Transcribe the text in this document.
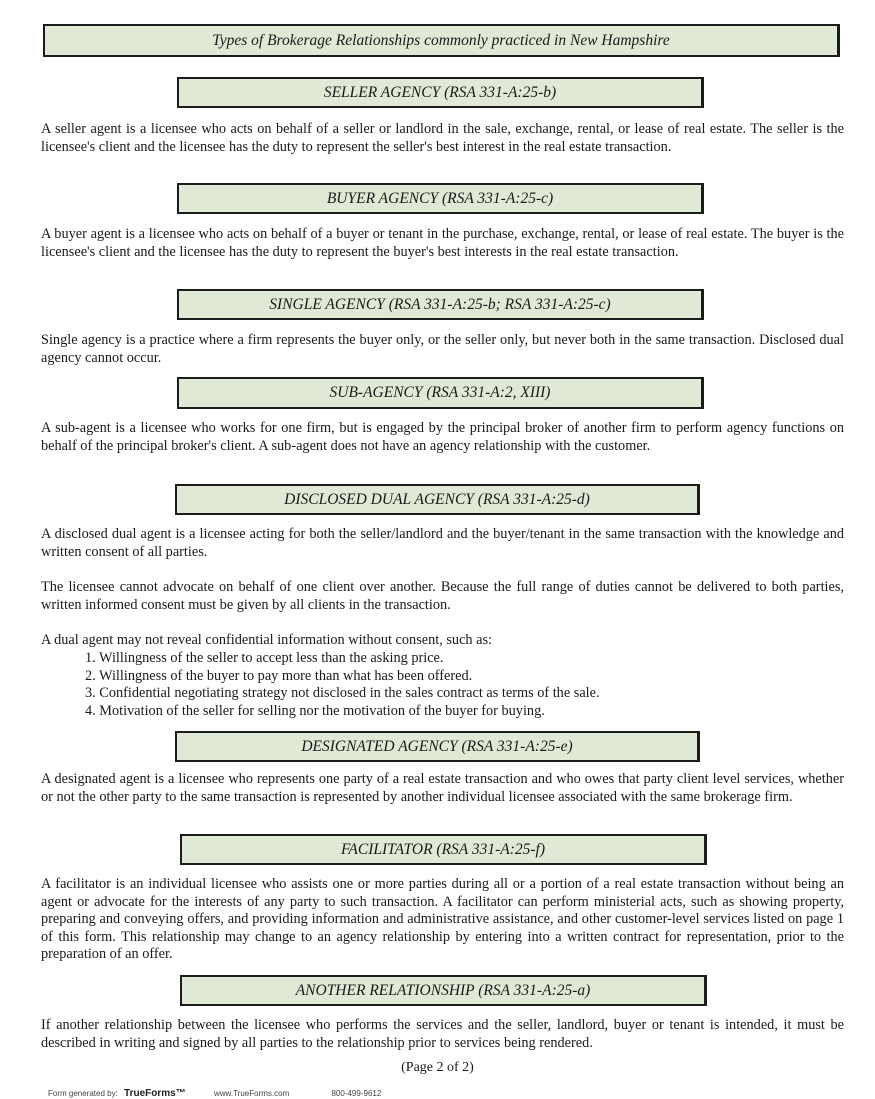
Types of Brokerage Relationships commonly practiced in New Hampshire
SELLER AGENCY (RSA 331-A:25-b)

A seller agent is a licensee who acts on behalf of a seller or landlord in the sale, exchange, rental, or lease of real estate. The seller is the licensee's client and the licensee has the duty to represent the seller's best interest in the real estate transaction.

BUYER AGENCY (RSA 331-A:25-c)

A buyer agent is a licensee who acts on behalf of a buyer or tenant in the purchase, exchange, rental, or lease of real estate. The buyer is the licensee's client and the licensee has the duty to represent the buyer's best interests in the real estate transaction.

SINGLE AGENCY (RSA 331-A:25-b; RSA 331-A:25-c)

Single agency is a practice where a firm represents the buyer only, or the seller only, but never both in the same transaction. Disclosed dual agency cannot occur.

SUB-AGENCY (RSA 331-A:2, XIII)

A sub-agent is a licensee who works for one firm, but is engaged by the principal broker of another firm to perform agency functions on behalf of the principal broker's client. A sub-agent does not have an agency relationship with the customer.

DISCLOSED DUAL AGENCY (RSA 331-A:25-d)

A disclosed dual agent is a licensee acting for both the seller/landlord and the buyer/tenant in the same transaction with the knowledge and written consent of all parties.

The licensee cannot advocate on behalf of one client over another. Because the full range of duties cannot be delivered to both parties, written informed consent must be given by all clients in the transaction.

A dual agent may not reveal confidential information without consent, such as:

1. Willingness of the seller to accept less than the asking price.
2. Willingness of the buyer to pay more than what has been offered.
3. Confidential negotiating strategy not disclosed in the sales contract as terms of the sale.
4. Motivation of the seller for selling nor the motivation of the buyer for buying.
DESIGNATED AGENCY (RSA 331-A:25-e)

A designated agent is a licensee who represents one party of a real estate transaction and who owes that party client level services, whether or not the other party to the same transaction is represented by another individual licensee associated with the same brokerage firm.

FACILITATOR (RSA 331-A:25-f)

A facilitator is an individual licensee who assists one or more parties during all or a portion of a real estate transaction without being an agent or advocate for the interests of any party to such transaction. A facilitator can perform ministerial acts, such as showing property, preparing and conveying offers, and providing information and administrative assistance, and other customer-level services listed on page 1 of this form. This relationship may change to an agency relationship by entering into a written contract for representation, prior to the preparation of an offer.

ANOTHER RELATIONSHIP (RSA 331-A:25-a)

If another relationship between the licensee who performs the services and the seller, landlord, buyer or tenant is intended, it must be described in writing and signed by all parties to the relationship prior to services being rendered.

(Page 2 of 2)
Form generated by: TrueForms™	www.TrueForms.com	800-499-9612
